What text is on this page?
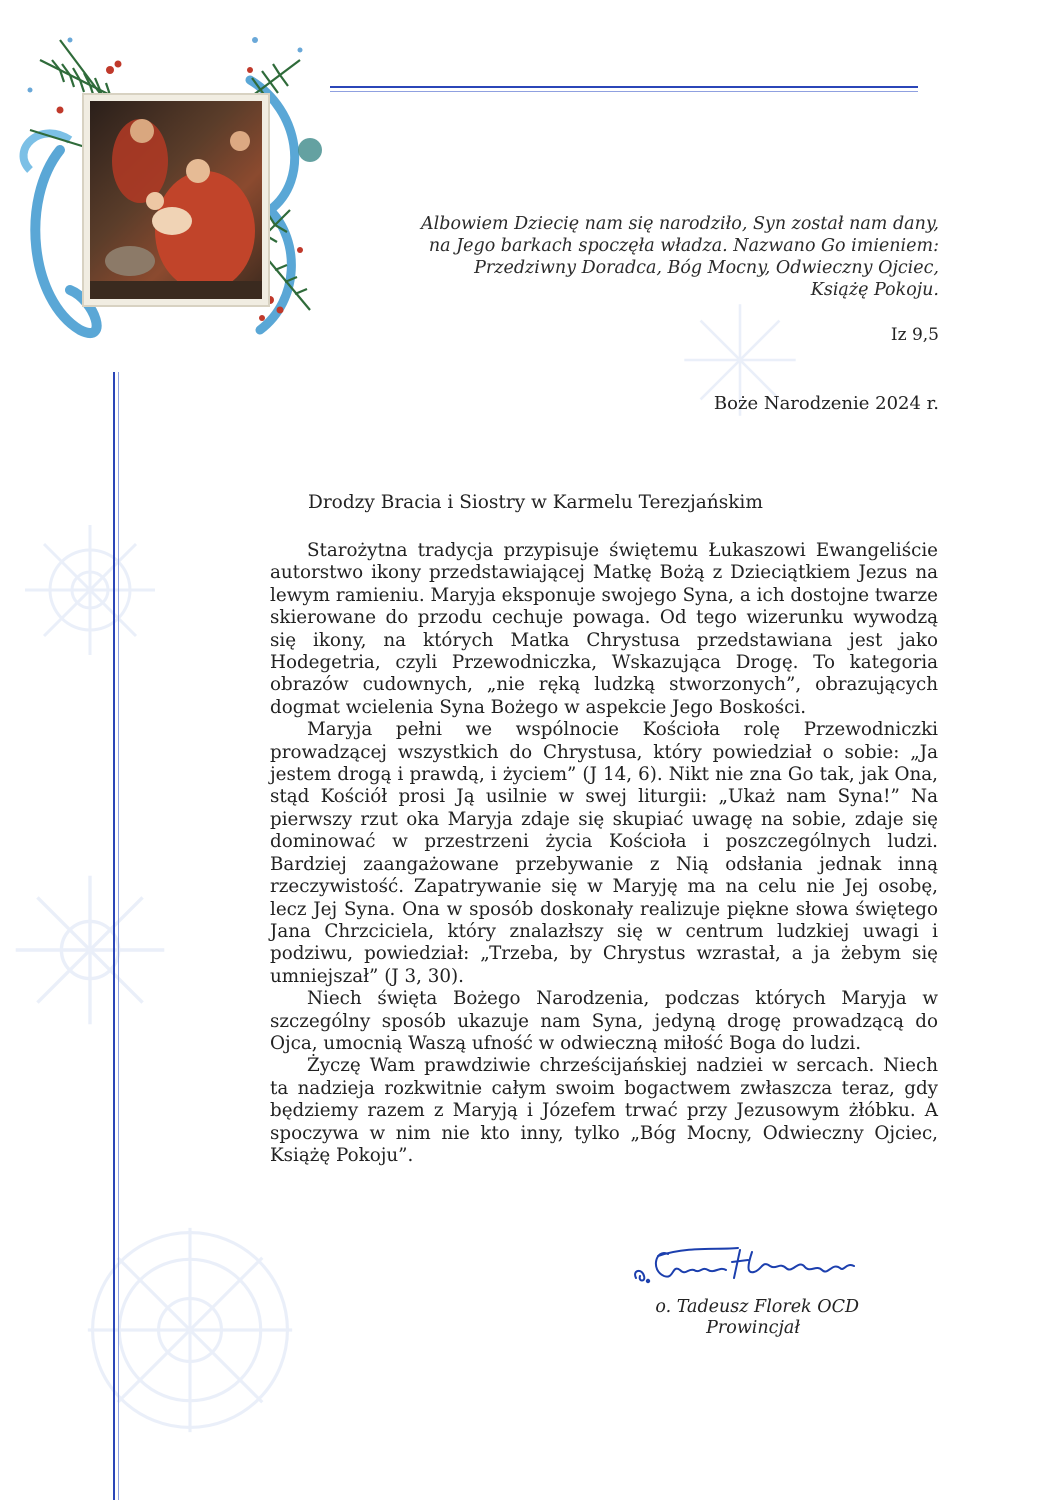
Albowiem Dziecię nam się narodziło, Syn został nam dany,
na Jego barkach spoczęła władza. Nazwano Go imieniem:
Przedziwny Doradca, Bóg Mocny, Odwieczny Ojciec,
Książę Pokoju.
Iz 9,5
Boże Narodzenie 2024 r.
Drodzy Bracia i Siostry w Karmelu Terezjańskim

Starożytna tradycja przypisuje świętemu Łukaszowi Ewangeliście autorstwo ikony przedstawiającej Matkę Bożą z Dzieciątkiem Jezus na lewym ramieniu. Maryja eksponuje swojego Syna, a ich dostojne twarze skierowane do przodu cechuje powaga. Od tego wizerunku wywodzą się ikony, na których Matka Chrystusa przedstawiana jest jako Hodegetria, czyli Przewodniczka, Wskazująca Drogę. To kategoria obrazów cudownych, „nie ręką ludzką stworzonych”, obrazujących dogmat wcielenia Syna Bożego w aspekcie Jego Boskości.

Maryja pełni we wspólnocie Kościoła rolę Przewodniczki prowadzącej wszystkich do Chrystusa, który powiedział o sobie: „Ja jestem drogą i prawdą, i życiem” (J 14, 6). Nikt nie zna Go tak, jak Ona, stąd Kościół prosi Ją usilnie w swej liturgii: „Ukaż nam Syna!” Na pierwszy rzut oka Maryja zdaje się skupiać uwagę na sobie, zdaje się dominować w przestrzeni życia Kościoła i poszczególnych ludzi. Bardziej zaangażowane przebywanie z Nią odsłania jednak inną rzeczywistość. Zapatrywanie się w Maryję ma na celu nie Jej osobę, lecz Jej Syna. Ona w sposób doskonały realizuje piękne słowa świętego Jana Chrzciciela, który znalazłszy się w centrum ludzkiej uwagi i podziwu, powiedział: „Trzeba, by Chrystus wzrastał, a ja żebym się umniejszał” (J 3, 30).

Niech święta Bożego Narodzenia, podczas których Maryja w szczególny sposób ukazuje nam Syna, jedyną drogę prowadzącą do Ojca, umocnią Waszą ufność w odwieczną miłość Boga do ludzi.

Życzę Wam prawdziwie chrześcijańskiej nadziei w sercach. Niech ta nadzieja rozkwitnie całym swoim bogactwem zwłaszcza teraz, gdy będziemy razem z Maryją i Józefem trwać przy Jezusowym żłóbku. A spoczywa w nim nie kto inny, tylko „Bóg Mocny, Odwieczny Ojciec, Książę Pokoju”.

o. Tadeusz Florek OCD
Prowincjał
